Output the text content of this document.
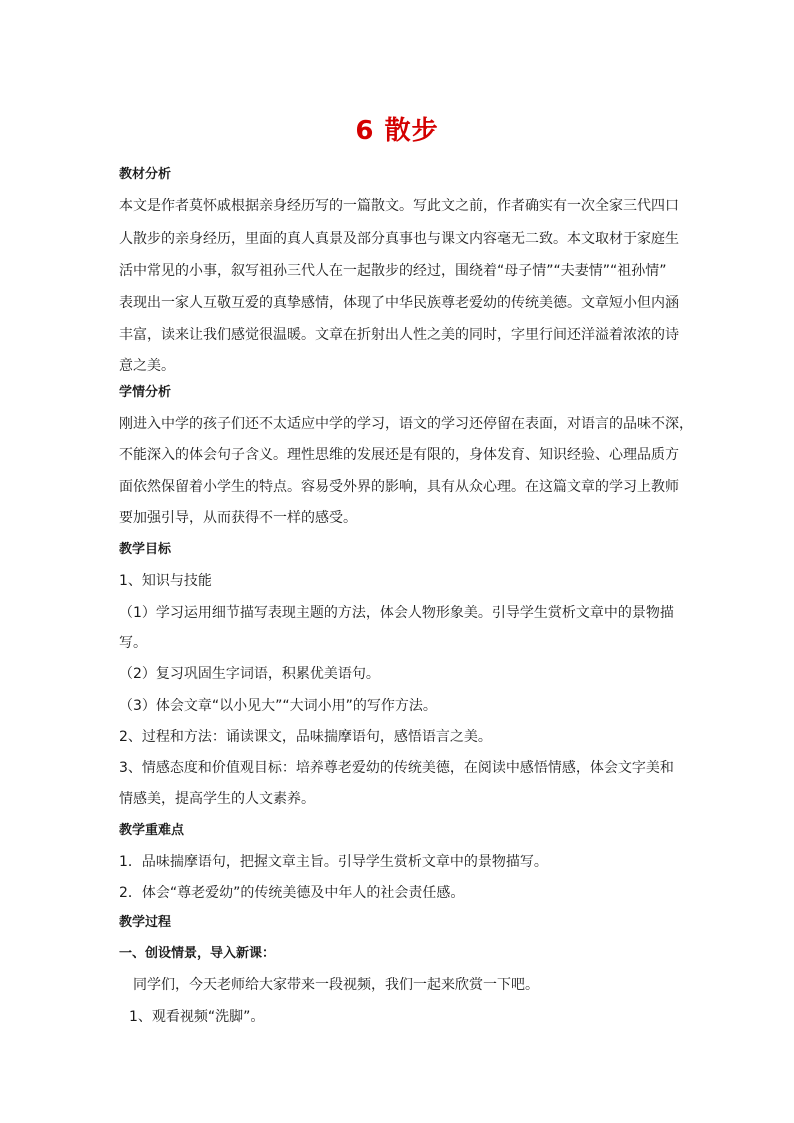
6 散步
教材分析
本文是作者莫怀戚根据亲身经历写的一篇散文。写此文之前，作者确实有一次全家三代四口
人散步的亲身经历，里面的真人真景及部分真事也与课文内容毫无二致。本文取材于家庭生
活中常见的小事，叙写祖孙三代人在一起散步的经过，围绕着“母子情”“夫妻情”“祖孙情”
表现出一家人互敬互爱的真挚感情，体现了中华民族尊老爱幼的传统美德。文章短小但内涵
丰富，读来让我们感觉很温暖。文章在折射出人性之美的同时，字里行间还洋溢着浓浓的诗
意之美。
学情分析
刚进入中学的孩子们还不太适应中学的学习，语文的学习还停留在表面，对语言的品味不深，
不能深入的体会句子含义。理性思维的发展还是有限的，身体发育、知识经验、心理品质方
面依然保留着小学生的特点。容易受外界的影响，具有从众心理。在这篇文章的学习上教师
要加强引导，从而获得不一样的感受。
教学目标
1、知识与技能
（1）学习运用细节描写表现主题的方法，体会人物形象美。引导学生赏析文章中的景物描
写。
（2）复习巩固生字词语，积累优美语句。
（3）体会文章“以小见大”“大词小用”的写作方法。
2、过程和方法：诵读课文，品味揣摩语句，感悟语言之美。
3、情感态度和价值观目标：培养尊老爱幼的传统美德，在阅读中感悟情感，体会文字美和
情感美，提高学生的人文素养。
教学重难点
1．品味揣摩语句，把握文章主旨。引导学生赏析文章中的景物描写。
2．体会“尊老爱幼”的传统美德及中年人的社会责任感。
教学过程
一、创设情景，导入新课：
同学们，今天老师给大家带来一段视频，我们一起来欣赏一下吧。
1、观看视频“洗脚”。
